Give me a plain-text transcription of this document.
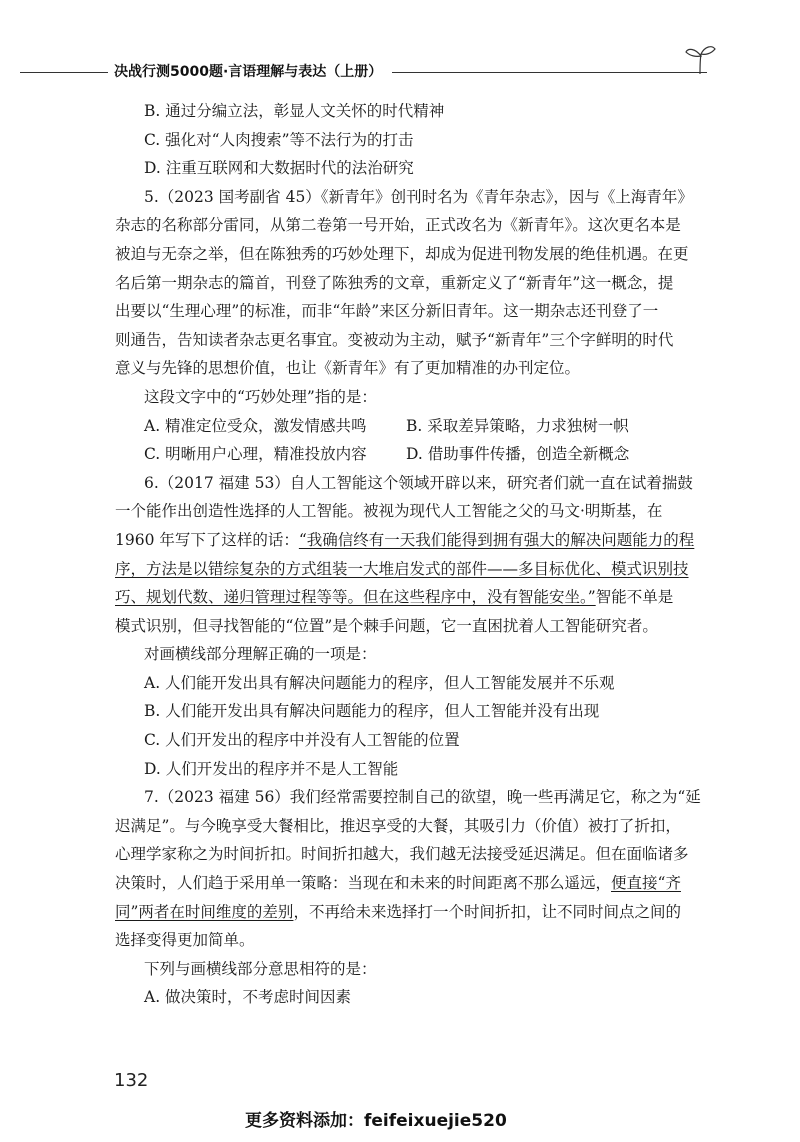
决战行测5000题·言语理解与表达（上册）
B. 通过分编立法，彰显人文关怀的时代精神
C. 强化对“人肉搜索”等不法行为的打击
D. 注重互联网和大数据时代的法治研究
5.（2023 国考副省 45）《新青年》创刊时名为《青年杂志》，因与《上海青年》
杂志的名称部分雷同，从第二卷第一号开始，正式改名为《新青年》。这次更名本是
被迫与无奈之举，但在陈独秀的巧妙处理下，却成为促进刊物发展的绝佳机遇。在更
名后第一期杂志的篇首，刊登了陈独秀的文章，重新定义了“新青年”这一概念，提
出要以“生理心理”的标准，而非“年龄”来区分新旧青年。这一期杂志还刊登了一
则通告，告知读者杂志更名事宜。变被动为主动，赋予“新青年”三个字鲜明的时代
意义与先锋的思想价值，也让《新青年》有了更加精准的办刊定位。
这段文字中的“巧妙处理”指的是：
A. 精准定位受众，激发情感共鸣	B. 采取差异策略，力求独树一帜
C. 明晰用户心理，精准投放内容	D. 借助事件传播，创造全新概念
6.（2017 福建 53）自人工智能这个领域开辟以来，研究者们就一直在试着揣鼓
一个能作出创造性选择的人工智能。被视为现代人工智能之父的马文·明斯基，在
1960 年写下了这样的话：“我确信终有一天我们能得到拥有强大的解决问题能力的程
序，方法是以错综复杂的方式组装一大堆启发式的部件——多目标优化、模式识别技
巧、规划代数、递归管理过程等等。但在这些程序中，没有智能安坐。”智能不单是
模式识别，但寻找智能的“位置”是个棘手问题，它一直困扰着人工智能研究者。
对画横线部分理解正确的一项是：
A. 人们能开发出具有解决问题能力的程序，但人工智能发展并不乐观
B. 人们能开发出具有解决问题能力的程序，但人工智能并没有出现
C. 人们开发出的程序中并没有人工智能的位置
D. 人们开发出的程序并不是人工智能
7.（2023 福建 56）我们经常需要控制自己的欲望，晚一些再满足它，称之为“延
迟满足”。与今晚享受大餐相比，推迟享受的大餐，其吸引力（价值）被打了折扣，
心理学家称之为时间折扣。时间折扣越大，我们越无法接受延迟满足。但在面临诸多
决策时，人们趋于采用单一策略：当现在和未来的时间距离不那么遥远，便直接“齐
同”两者在时间维度的差别，不再给未来选择打一个时间折扣，让不同时间点之间的
选择变得更加简单。
下列与画横线部分意思相符的是：
A. 做决策时，不考虑时间因素
132
更多资料添加：feifeixuejie520
